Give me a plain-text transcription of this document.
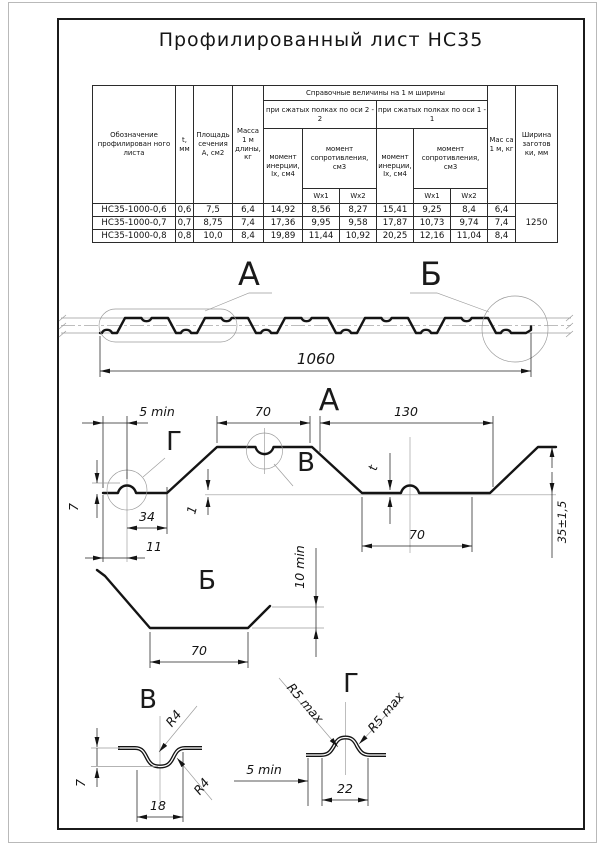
Профилированный лист НС35
Обозначение профилирован ного листа	t, мм	Площадь сечения А, см2	Масса 1 м длины, кг	Справочные величины на 1 м ширины						Мас са 1 м, кг	Ширина заготов ки, мм
				при сжатых полках по оси 2 - 2			при сжатых полках по оси 1 - 1				
				момент инерции, Ix, см4	момент сопротивления, см3		момент инерции, Ix, см4	момент сопротивления, см3			
					Wx1	Wx2		Wx1	Wx2		
НС35-1000-0,6	0,6	7,5	6,4	14,92	8,56	8,27	15,41	9,25	8,4	6,4	1250
НС35-1000-0,7	0,7	8,75	7,4	17,36	9,95	9,58	17,87	10,73	9,74	7,4	
НС35-1000-0,8	0,8	10,0	8,4	19,89	11,44	10,92	20,25	12,16	11,04	8,4	
А	Б
1060
А
Г
В
5 min	70	130
7
34
11
1
t
70	35±1,5
Б
70
10 min
В
7
18
R4
R4
Г
5 min
22
R5 max	R5 max
